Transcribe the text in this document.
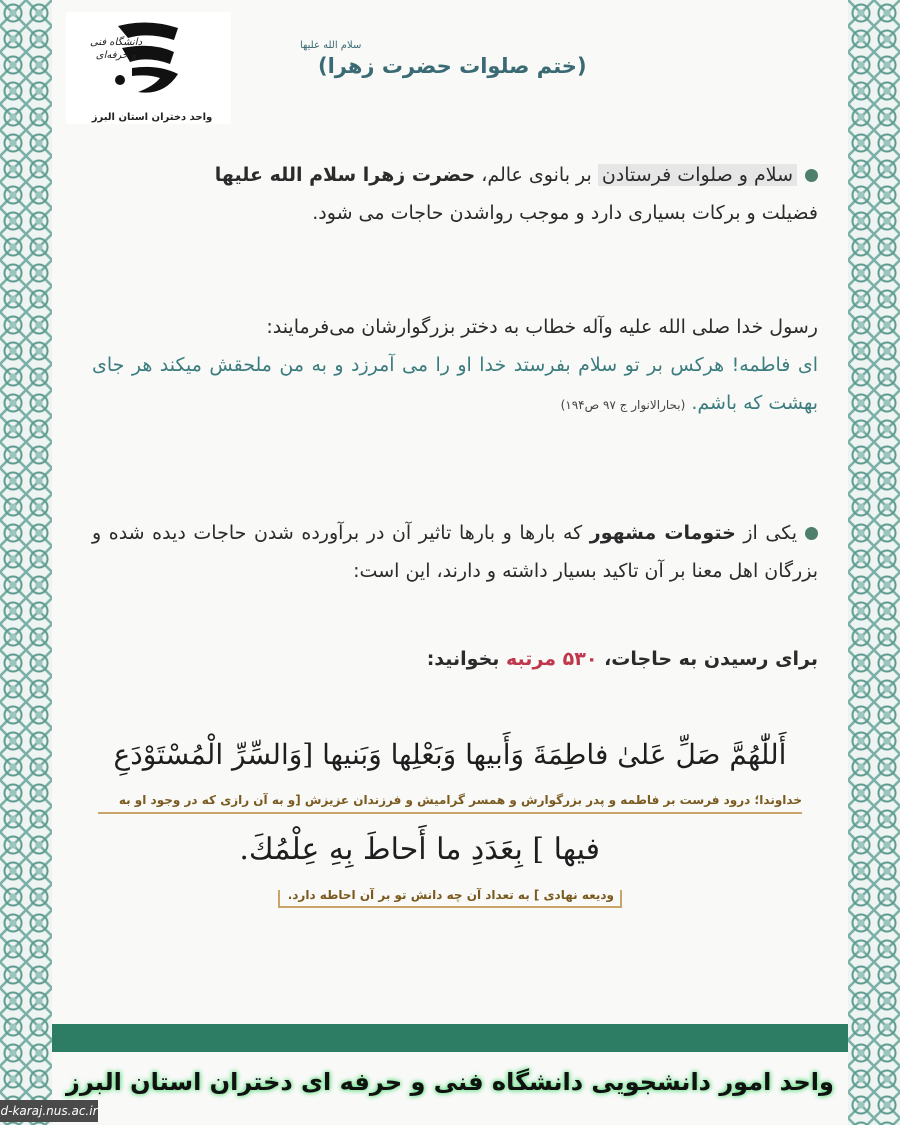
دانشگاه فنی و حرفه‌ای
واحد دختران استان البرز
سلام الله علیها
(ختم صلوات حضرت زهرا)
سلام و صلوات فرستادن بر بانوی عالم، حضرت زهرا سلام الله علیها
فضیلت و برکات بسیاری دارد و موجب رواشدن حاجات می شود.
رسول خدا صلی الله علیه وآله خطاب به دختر بزرگوارشان می‌فرمایند:
ای فاطمه! هرکس بر تو سلام بفرستد خدا او را می آمرزد و به من ملحقش میکند هر جای بهشت که باشم. (بحارالانوار ج ۹۷ ص۱۹۴)
یکی از ختومات مشهور که بارها و بارها تاثیر آن در برآورده شدن حاجات دیده شده و بزرگان اهل معنا بر آن تاکید بسیار داشته و دارند، این است:
برای رسیدن به حاجات، ۵۳۰ مرتبه بخوانید:
أَللّٰهُمَّ صَلِّ عَلىٰ فاطِمَةَ وَأَبيها وَبَعْلِها وَبَنيها [وَالسِّرِّ الْمُسْتَوْدَعِ
خداوندا؛ درود فرست بر فاطمه و پدر بزرگوارش و همسر گرامیش و فرزندان عزیزش [و به آن رازی که در وجود او به
فيها ] بِعَدَدِ ما أَحاطَ بِهِ عِلْمُكَ.
ودیعه نهادی ] به تعداد آن چه دانش تو بر آن احاطه دارد.
واحد امور دانشجویی دانشگاه فنی و حرفه ای دختران استان البرز
d-karaj.nus.ac.ir
